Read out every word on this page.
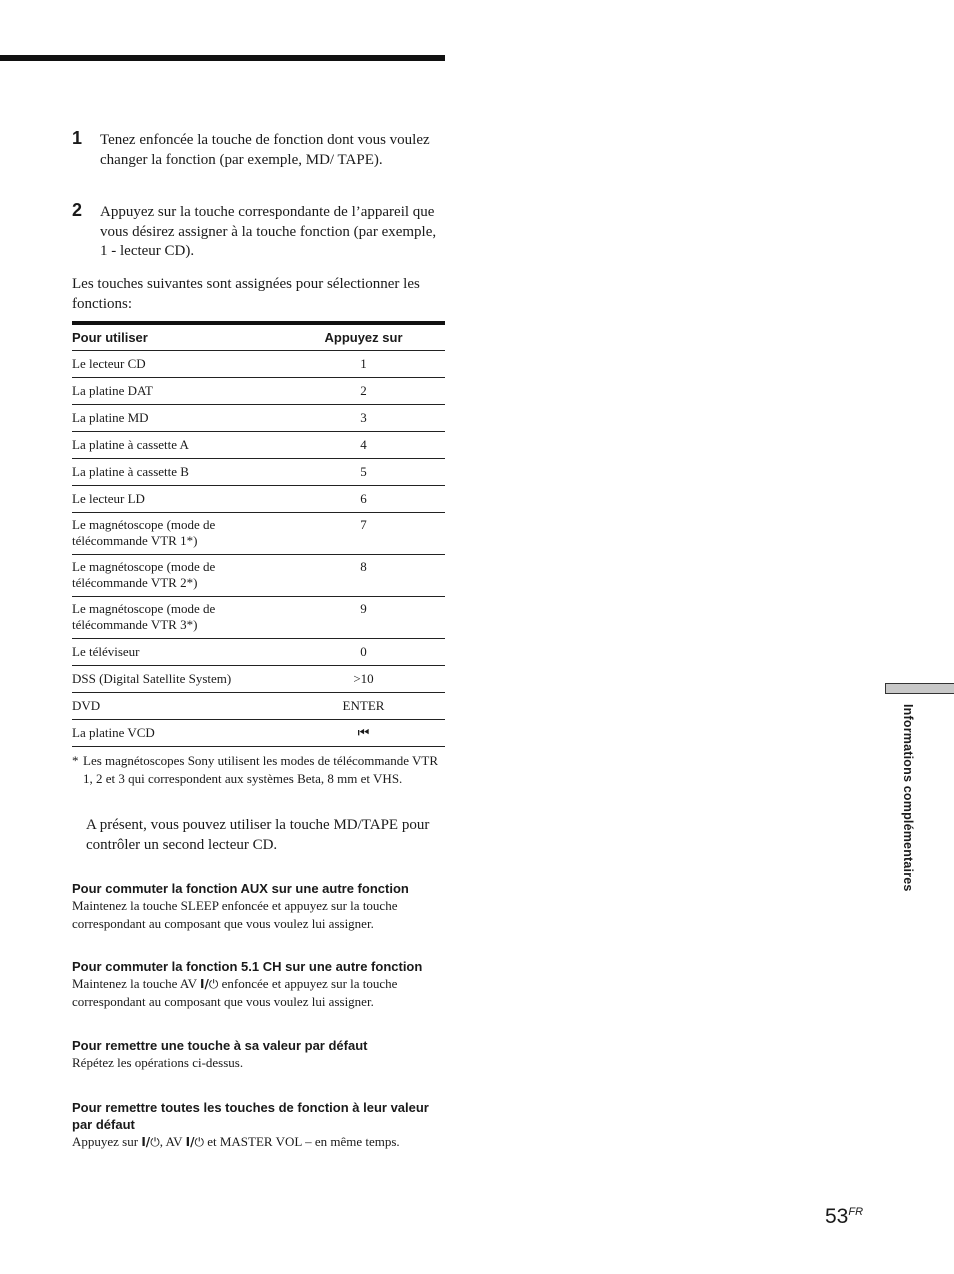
1 Tenez enfoncée la touche de fonction dont vous voulez changer la fonction (par exemple, MD/ TAPE).
2 Appuyez sur la touche correspondante de l’appareil que vous désirez assigner à la touche fonction (par exemple, 1 - lecteur CD).
Les touches suivantes sont assignées pour sélectionner les fonctions:
Pour utiliser	Appuyez sur
Le lecteur CD	1
La platine DAT	2
La platine MD	3
La platine à cassette A	4
La platine à cassette B	5
Le lecteur LD	6
Le magnétoscope (mode de télécommande VTR 1*)	7
Le magnétoscope (mode de télécommande VTR 2*)	8
Le magnétoscope (mode de télécommande VTR 3*)	9
Le téléviseur	0
DSS (Digital Satellite System)	>10
DVD	ENTER
La platine VCD	⏮
* Les magnétoscopes Sony utilisent les modes de télécommande VTR 1, 2 et 3 qui correspondent aux systèmes Beta, 8 mm et VHS.
A présent, vous pouvez utiliser la touche MD/TAPE pour contrôler un second lecteur CD.

Pour commuter la fonction AUX sur une autre fonction

Maintenez la touche SLEEP enfoncée et appuyez sur la touche correspondant au composant que vous voulez lui assigner.

Pour commuter la fonction 5.1 CH sur une autre fonction

Maintenez la touche AV I/⏻ enfoncée et appuyez sur la touche correspondant au composant que vous voulez lui assigner.

Pour remettre une touche à sa valeur par défaut

Répétez les opérations ci-dessus.

Pour remettre toutes les touches de fonction à leur valeur par défaut

Appuyez sur I/⏻, AV I/⏻ et MASTER VOL – en même temps.

Informations complémentaires
$53^{FR}$
